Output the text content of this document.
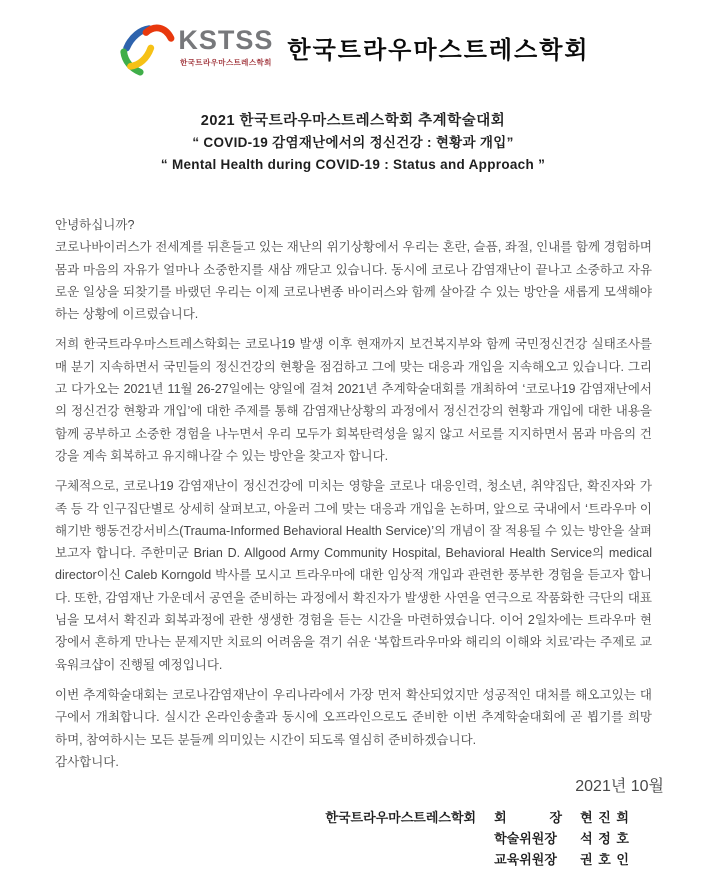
KSTSS
한국트라우마스트레스학회 한국트라우마스트레스학회
2021 한국트라우마스트레스학회 추계학술대회
“ COVID-19 감염재난에서의 정신건강 : 현황과 개입”
“ Mental Health during COVID-19 : Status and Approach ”
안녕하십니까?
코로나바이러스가 전세계를 뒤흔들고 있는 재난의 위기상황에서 우리는 혼란, 슬픔, 좌절, 인내를 함께 경험하며 몸과 마음의 자유가 얼마나 소중한지를 새삼 깨닫고 있습니다. 동시에 코로나 감염재난이 끝나고 소중하고 자유로운 일상을 되찾기를 바랬던 우리는 이제 코로나변종 바이러스와 함께 살아갈 수 있는 방안을 새롭게 모색해야하는 상황에 이르렀습니다.
저희 한국트라우마스트레스학회는 코로나19 발생 이후 현재까지 보건복지부와 함께 국민정신건강 실태조사를 매 분기 지속하면서 국민들의 정신건강의 현황을 점검하고 그에 맞는 대응과 개입을 지속해오고 있습니다. 그리고 다가오는 2021년 11월 26-27일에는 양일에 걸쳐 2021년 추계학술대회를 개최하여 ‘코로나19 감염재난에서의 정신건강 현황과 개입’에 대한 주제를 통해 감염재난상황의 과정에서 정신건강의 현황과 개입에 대한 내용을 함께 공부하고 소중한 경험을 나누면서 우리 모두가 회복탄력성을 잃지 않고 서로를 지지하면서 몸과 마음의 건강을 계속 회복하고 유지해나갈 수 있는 방안을 찾고자 합니다.
구체적으로, 코로나19 감염재난이 정신건강에 미치는 영향을 코로나 대응인력, 청소년, 취약집단, 확진자와 가족 등 각 인구집단별로 상세히 살펴보고, 아울러 그에 맞는 대응과 개입을 논하며, 앞으로 국내에서 ‘트라우마 이해기반 행동건강서비스(Trauma-Informed Behavioral Health Service)’의 개념이 잘 적용될 수 있는 방안을 살펴보고자 합니다. 주한미군 Brian D. Allgood Army Community Hospital, Behavioral Health Service의 medical director이신 Caleb Korngold 박사를 모시고 트라우마에 대한 임상적 개입과 관련한 풍부한 경험을 듣고자 합니다. 또한, 감염재난 가운데서 공연을 준비하는 과정에서 확진자가 발생한 사연을 연극으로 작품화한 극단의 대표님을 모셔서 확진과 회복과정에 관한 생생한 경험을 듣는 시간을 마련하였습니다. 이어 2일차에는 트라우마 현장에서 흔하게 만나는 문제지만 치료의 어려움을 겪기 쉬운 ‘복합트라우마와 해리의 이해와 치료’라는 주제로 교육워크샵이 진행될 예정입니다.
이번 추계학술대회는 코로나감염재난이 우리나라에서 가장 먼저 확산되었지만 성공적인 대처를 해오고있는 대구에서 개최합니다. 실시간 온라인송출과 동시에 오프라인으로도 준비한 이번 추계학술대회에 곧 뵙기를 희망하며, 참여하시는 모든 분들께 의미있는 시간이 되도록 열심히 준비하겠습니다.
감사합니다.
2021년 10월
한국트라우마스트레스학회 회 장 현 진 희
학술위원장	석 정 호
교육위원장	권 호 인
